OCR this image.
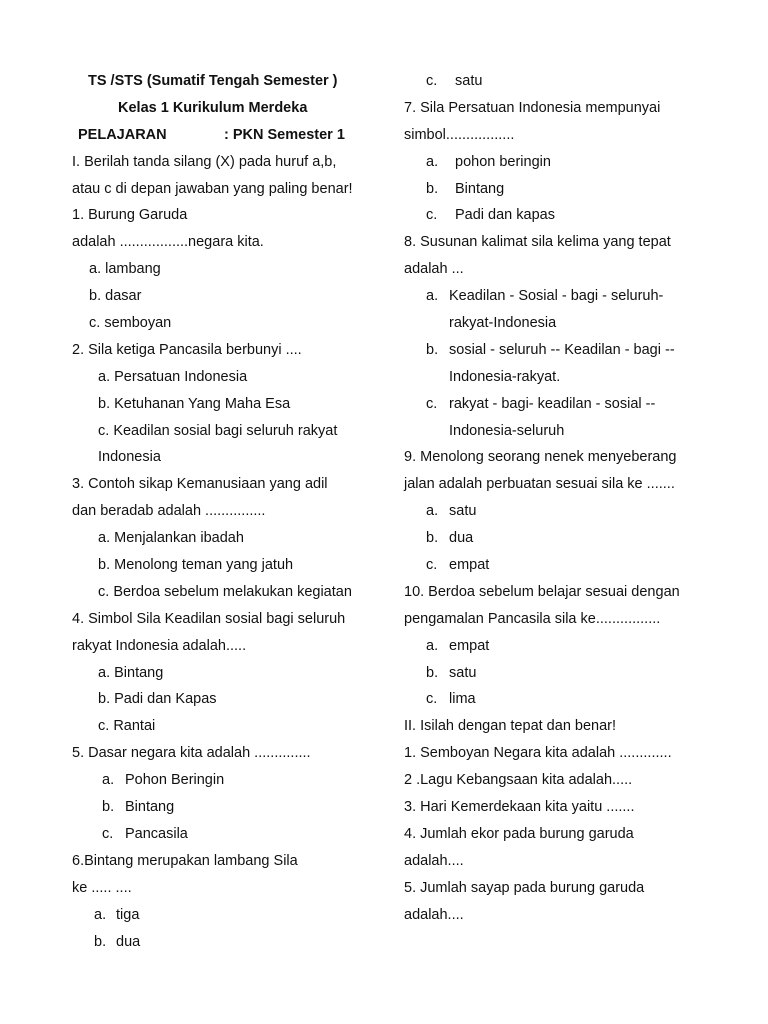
TS /STS (Sumatif Tengah Semester )
Kelas 1 Kurikulum Merdeka
PELAJARAN	: PKN Semester 1
I. Berilah tanda silang (X) pada huruf a,b,
atau c di depan jawaban yang paling benar!
1. Burung Garuda
adalah .................negara kita.
a. lambang
b. dasar
c. semboyan
2. Sila ketiga Pancasila berbunyi ....
a. Persatuan Indonesia
b. Ketuhanan Yang Maha Esa
c. Keadilan sosial bagi seluruh rakyat
Indonesia
3. Contoh sikap Kemanusiaan yang adil
dan beradab adalah ...............
a. Menjalankan ibadah
b. Menolong teman yang jatuh
c. Berdoa sebelum melakukan kegiatan
4. Simbol Sila Keadilan sosial bagi seluruh
rakyat Indonesia adalah.....
a. Bintang
b. Padi dan Kapas
c. Rantai
5. Dasar negara kita adalah ..............
a. Pohon Beringin
b. Bintang
c. Pancasila
6.Bintang merupakan lambang Sila
ke ..... ....
a. tiga
b. dua
c. satu
7. Sila Persatuan Indonesia mempunyai
simbol.................
a. pohon beringin
b. Bintang
c. Padi dan kapas
8. Susunan kalimat sila kelima yang tepat
adalah ...
a. Keadilan - Sosial - bagi - seluruh-
rakyat-Indonesia
b. sosial - seluruh -- Keadilan - bagi --
Indonesia-rakyat.
c. rakyat - bagi- keadilan - sosial --
Indonesia-seluruh
9. Menolong seorang nenek menyeberang
jalan adalah perbuatan sesuai sila ke .......
a. satu
b. dua
c. empat
10. Berdoa sebelum belajar sesuai dengan
pengamalan Pancasila sila ke................
a. empat
b. satu
c. lima
II. Isilah dengan tepat dan benar!
1. Semboyan Negara kita adalah .............
2 .Lagu Kebangsaan kita adalah.....
3. Hari Kemerdekaan kita yaitu .......
4. Jumlah ekor pada burung garuda
adalah....
5. Jumlah sayap pada burung garuda
adalah....
